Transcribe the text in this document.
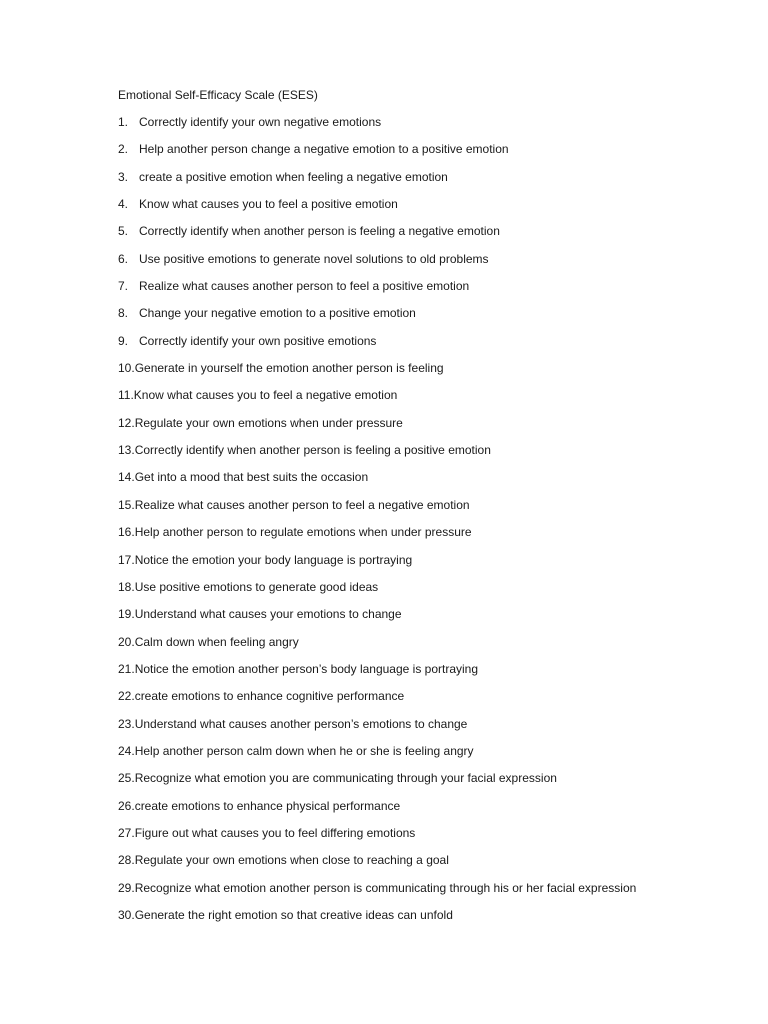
Emotional Self-Efficacy Scale (ESES)
1. Correctly identify your own negative emotions
2. Help another person change a negative emotion to a positive emotion
3. create a positive emotion when feeling a negative emotion
4. Know what causes you to feel a positive emotion
5. Correctly identify when another person is feeling a negative emotion
6. Use positive emotions to generate novel solutions to old problems
7. Realize what causes another person to feel a positive emotion
8. Change your negative emotion to a positive emotion
9. Correctly identify your own positive emotions
10. Generate in yourself the emotion another person is feeling
11. Know what causes you to feel a negative emotion
12. Regulate your own emotions when under pressure
13. Correctly identify when another person is feeling a positive emotion
14. Get into a mood that best suits the occasion
15. Realize what causes another person to feel a negative emotion
16. Help another person to regulate emotions when under pressure
17. Notice the emotion your body language is portraying
18. Use positive emotions to generate good ideas
19. Understand what causes your emotions to change
20. Calm down when feeling angry
21. Notice the emotion another person’s body language is portraying
22. create emotions to enhance cognitive performance
23. Understand what causes another person’s emotions to change
24. Help another person calm down when he or she is feeling angry
25. Recognize what emotion you are communicating through your facial expression
26. create emotions to enhance physical performance
27. Figure out what causes you to feel differing emotions
28. Regulate your own emotions when close to reaching a goal
29. Recognize what emotion another person is communicating through his or her facial expression
30. Generate the right emotion so that creative ideas can unfold
